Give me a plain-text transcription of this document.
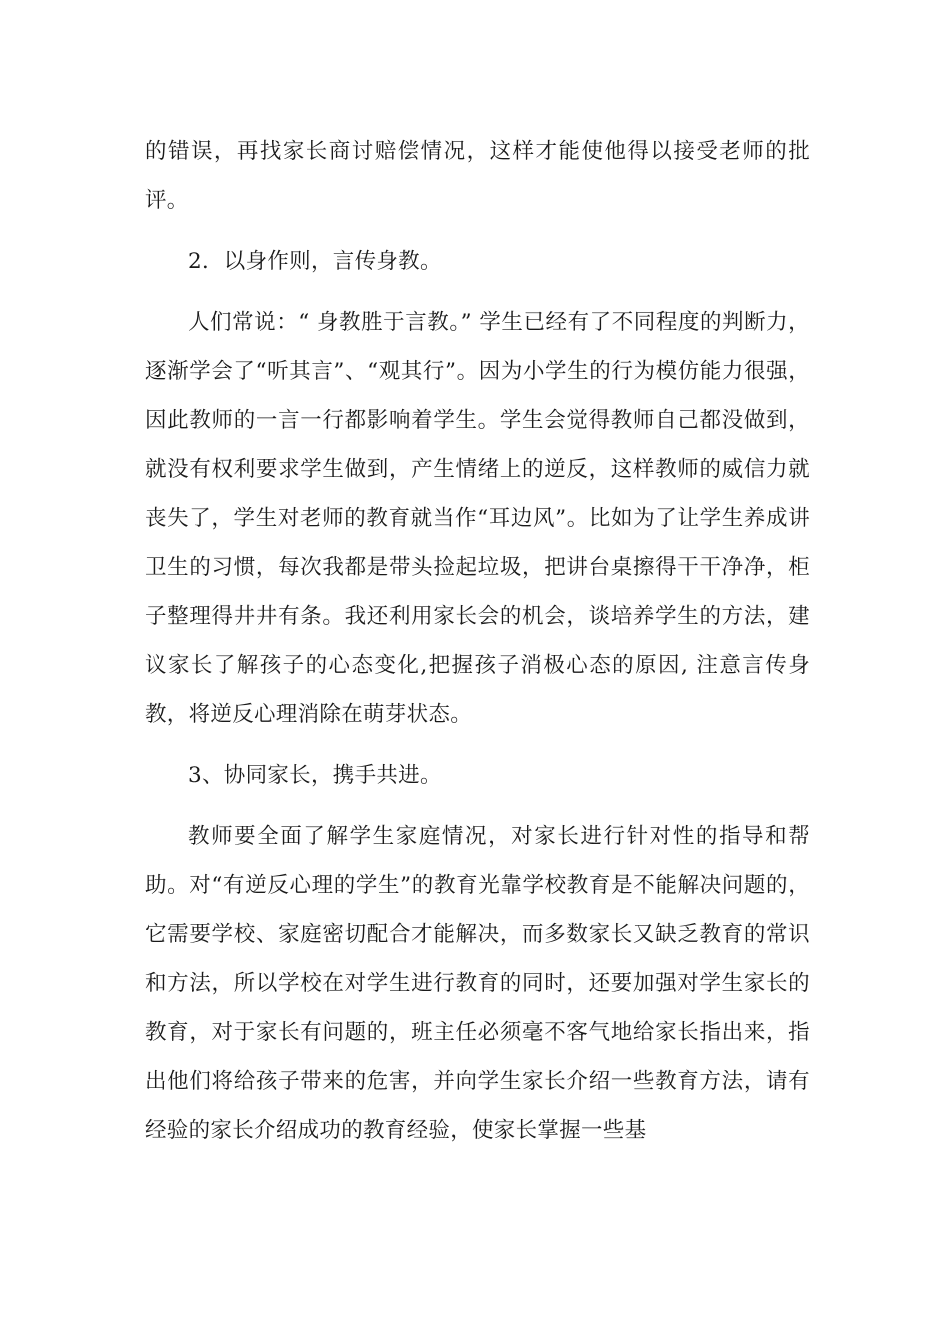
的错误，再找家长商讨赔偿情况，这样才能使他得以接受老师的批评。

2．以身作则，言传身教。

人们常说：“ 身教胜于言教。” 学生已经有了不同程度的判断力，逐渐学会了“听其言”、“观其行”。因为小学生的行为模仿能力很强，因此教师的一言一行都影响着学生。学生会觉得教师自己都没做到，就没有权利要求学生做到，产生情绪上的逆反，这样教师的威信力就丧失了，学生对老师的教育就当作“耳边风”。比如为了让学生养成讲卫生的习惯，每次我都是带头捡起垃圾，把讲台桌擦得干干净净，柜子整理得井井有条。我还利用家长会的机会，谈培养学生的方法，建议家长了解孩子的心态变化,把握孩子消极心态的原因, 注意言传身教，将逆反心理消除在萌芽状态。

3、协同家长，携手共进。

教师要全面了解学生家庭情况，对家长进行针对性的指导和帮助。对“有逆反心理的学生”的教育光靠学校教育是不能解决问题的，它需要学校、家庭密切配合才能解决，而多数家长又缺乏教育的常识和方法，所以学校在对学生进行教育的同时，还要加强对学生家长的教育，对于家长有问题的，班主任必须毫不客气地给家长指出来，指出他们将给孩子带来的危害，并向学生家长介绍一些教育方法，请有经验的家长介绍成功的教育经验，使家长掌握一些基
